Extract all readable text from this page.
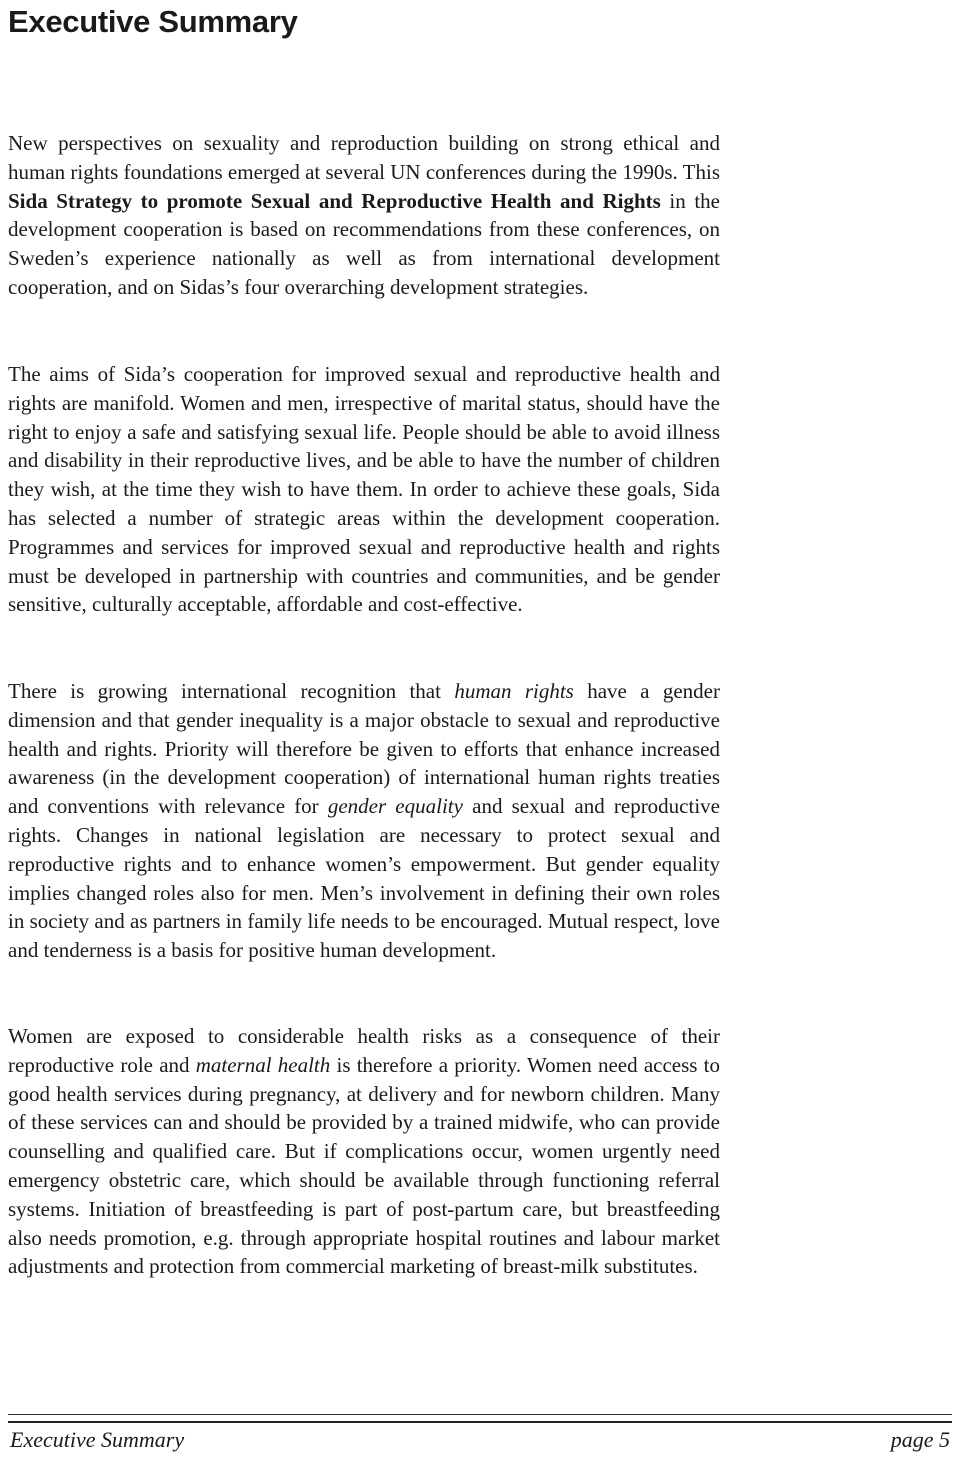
Executive Summary

New perspectives on sexuality and reproduction building on strong ethical and human rights foundations emerged at several UN conferences during the 1990s. This Sida Strategy to promote Sexual and Reproductive Health and Rights in the development cooperation is based on recommendations from these conferences, on Sweden’s experience nationally as well as from international development cooperation, and on Sidas’s four overarching development strategies.

The aims of Sida’s cooperation for improved sexual and reproductive health and rights are manifold. Women and men, irrespective of marital status, should have the right to enjoy a safe and satisfying sexual life. People should be able to avoid illness and disability in their reproductive lives, and be able to have the number of children they wish, at the time they wish to have them. In order to achieve these goals, Sida has selected a number of strategic areas within the development cooperation. Programmes and services for improved sexual and reproductive health and rights must be developed in partnership with countries and communities, and be gender sensitive, culturally acceptable, affordable and cost-effective.

There is growing international recognition that human rights have a gender dimension and that gender inequality is a major obstacle to sexual and reproductive health and rights. Priority will therefore be given to efforts that enhance increased awareness (in the development cooperation) of international human rights treaties and conventions with relevance for gender equality and sexual and reproductive rights. Changes in national legislation are necessary to protect sexual and reproductive rights and to enhance women’s empowerment. But gender equality implies changed roles also for men. Men’s involvement in defining their own roles in society and as partners in family life needs to be encouraged. Mutual respect, love and tenderness is a basis for positive human development.

Women are exposed to considerable health risks as a consequence of their reproductive role and maternal health is therefore a priority. Women need access to good health services during pregnancy, at delivery and for newborn children. Many of these services can and should be provided by a trained midwife, who can provide counselling and qualified care. But if complications occur, women urgently need emergency obstetric care, which should be available through functioning referral systems. Initiation of breastfeeding is part of post-partum care, but breastfeeding also needs promotion, e.g. through appropriate hospital routines and labour market adjustments and protection from commercial marketing of breast-milk substitutes.

Executive Summary	page 5
